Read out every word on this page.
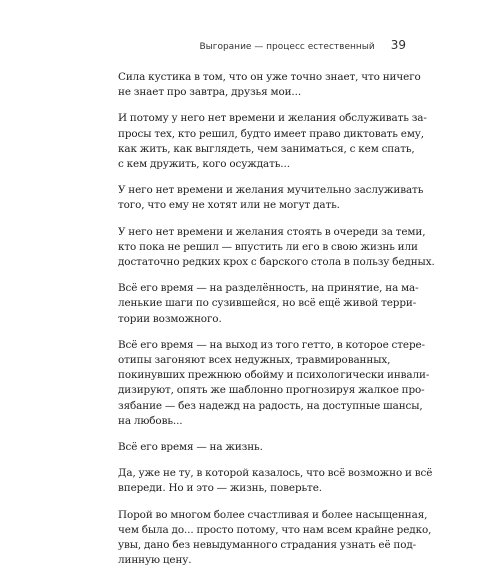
Выгорание — процесс естественный 39

Сила кустика в том, что он уже точно знает, что ничего
не знает про завтра, друзья мои...

И потому у него нет времени и желания обслуживать за-
просы тех, кто решил, будто имеет право диктовать ему,
как жить, как выглядеть, чем заниматься, с кем спать,
с кем дружить, кого осуждать...

У него нет времени и желания мучительно заслуживать
того, что ему не хотят или не могут дать.

У него нет времени и желания стоять в очереди за теми,
кто пока не решил — впустить ли его в свою жизнь или
достаточно редких крох с барского стола в пользу бедных.

Всё его время — на разделённость, на принятие, на ма-
ленькие шаги по сузившейся, но всё ещё живой терри-
тории возможного.

Всё его время — на выход из того гетто, в которое стере-
отипы загоняют всех недужных, травмированных,
покинувших прежнюю обойму и психологически инвали-
дизируют, опять же шаблонно прогнозируя жалкое про-
зябание — без надежд на радость, на доступные шансы,
на любовь...

Всё его время — на жизнь.

Да, уже не ту, в которой казалось, что всё возможно и всё
впереди. Но и это — жизнь, поверьте.

Порой во многом более счастливая и более насыщенная,
чем была до... просто потому, что нам всем крайне редко,
увы, дано без невыдуманного страдания узнать её под-
линную цену.
